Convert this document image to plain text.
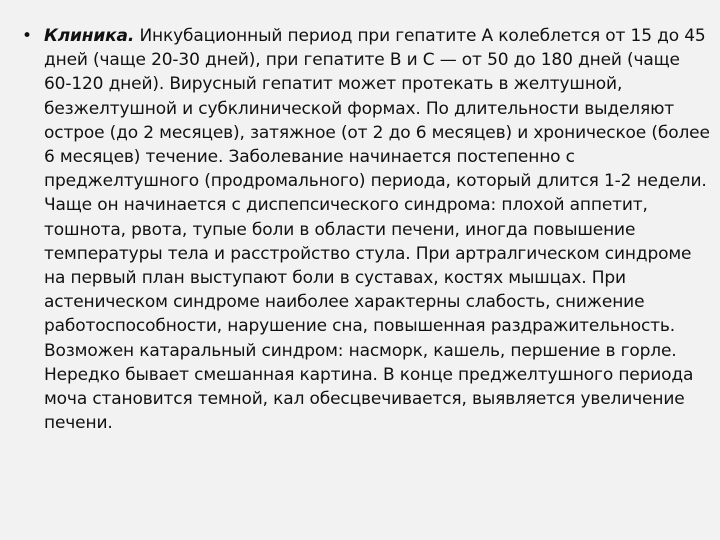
• Клиника. Инкубационный период при гепатите А колеблется от 15 до 45 дней (чаще 20-30 дней), при гепатите В и С — от 50 до 180 дней (чаще 60-120 дней). Вирусный гепатит может протекать в желтушной, безжелтушной и субклинической формах. По длительности выделяют острое (до 2 месяцев), затяжное (от 2 до 6 месяцев) и хроническое (более 6 месяцев) течение. Заболевание начинается постепенно с преджелтушного (продромального) периода, который длится 1-2 недели. Чаще он начинается с диспепсического синдрома: плохой аппетит, тошнота, рвота, тупые боли в области печени, иногда повышение температуры тела и расстройство стула. При артралгическом синдроме на первый план выступают боли в суставах, костях мышцах. При астеническом синдроме наиболее характерны слабость, снижение работоспособности, нарушение сна, повышенная раздражительность. Возможен катаральный синдром: насморк, кашель, першение в горле. Нередко бывает смешанная картина. В конце преджелтушного периода моча становится темной, кал обесцвечивается, выявляется увеличение печени.
